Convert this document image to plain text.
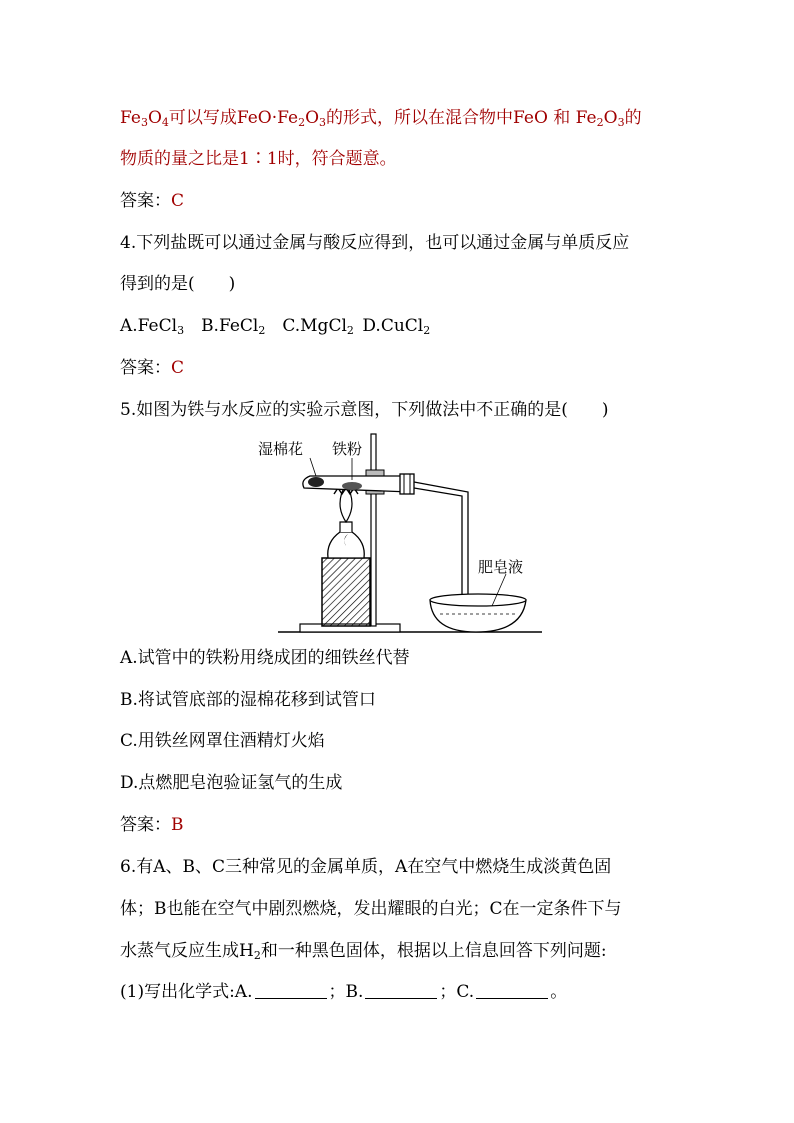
$Fe_3O_4$可以写成$FeO\cdot Fe_2O_3$的形式，所以在混合物中FeO 和 $Fe_2O_3$的
物质的量之比是1∶1时，符合题意。
答案：C
4.下列盐既可以通过金属与酸反应得到，也可以通过金属与单质反应
得到的是(　　)
A.FeCl$_3$  B.FeCl$_2$  C.MgCl$_2$  D.CuCl$_2$
答案：C
5.如图为铁与水反应的实验示意图，下列做法中不正确的是(　　)
湿棉花 铁粉
肥皂液
A.试管中的铁粉用绕成团的细铁丝代替
B.将试管底部的湿棉花移到试管口
C.用铁丝网罩住酒精灯火焰
D.点燃肥皂泡验证氢气的生成
答案：B
6.有A、B、C三种常见的金属单质，A在空气中燃烧生成淡黄色固
体；B也能在空气中剧烈燃烧，发出耀眼的白光；C在一定条件下与
水蒸气反应生成$H_2$和一种黑色固体，根据以上信息回答下列问题:
(1)写出化学式:A.	；B.	；C.	。
